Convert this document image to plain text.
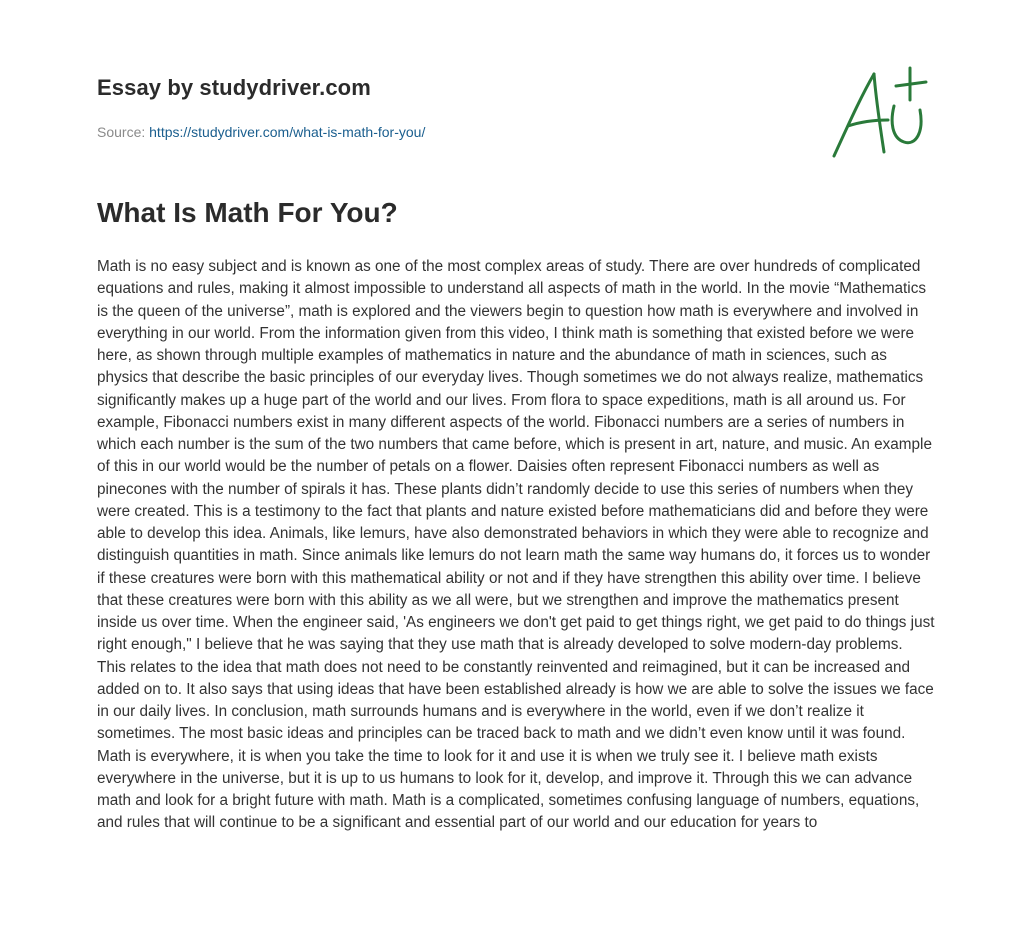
Essay by studydriver.com
Source: https://studydriver.com/what-is-math-for-you/
What Is Math For You?

Math is no easy subject and is known as one of the most complex areas of study. There are over hundreds of complicated equations and rules, making it almost impossible to understand all aspects of math in the world. In the movie “Mathematics is the queen of the universe”, math is explored and the viewers begin to question how math is everywhere and involved in everything in our world. From the information given from this video, I think math is something that existed before we were here, as shown through multiple examples of mathematics in nature and the abundance of math in sciences, such as physics that describe the basic principles of our everyday lives. Though sometimes we do not always realize, mathematics significantly makes up a huge part of the world and our lives. From flora to space expeditions, math is all around us. For example, Fibonacci numbers exist in many different aspects of the world. Fibonacci numbers are a series of numbers in which each number is the sum of the two numbers that came before, which is present in art, nature, and music. An example of this in our world would be the number of petals on a flower. Daisies often represent Fibonacci numbers as well as pinecones with the number of spirals it has. These plants didn’t randomly decide to use this series of numbers when they were created. This is a testimony to the fact that plants and nature existed before mathematicians did and before they were able to develop this idea. Animals, like lemurs, have also demonstrated behaviors in which they were able to recognize and distinguish quantities in math. Since animals like lemurs do not learn math the same way humans do, it forces us to wonder if these creatures were born with this mathematical ability or not and if they have strengthen this ability over time. I believe that these creatures were born with this ability as we all were, but we strengthen and improve the mathematics present inside us over time. When the engineer said, 'As engineers we don't get paid to get things right, we get paid to do things just right enough," I believe that he was saying that they use math that is already developed to solve modern-day problems. This relates to the idea that math does not need to be constantly reinvented and reimagined, but it can be increased and added on to. It also says that using ideas that have been established already is how we are able to solve the issues we face in our daily lives. In conclusion, math surrounds humans and is everywhere in the world, even if we don’t realize it sometimes. The most basic ideas and principles can be traced back to math and we didn’t even know until it was found. Math is everywhere, it is when you take the time to look for it and use it is when we truly see it. I believe math exists everywhere in the universe, but it is up to us humans to look for it, develop, and improve it. Through this we can advance math and look for a bright future with math. Math is a complicated, sometimes confusing language of numbers, equations, and rules that will continue to be a significant and essential part of our world and our education for years to
